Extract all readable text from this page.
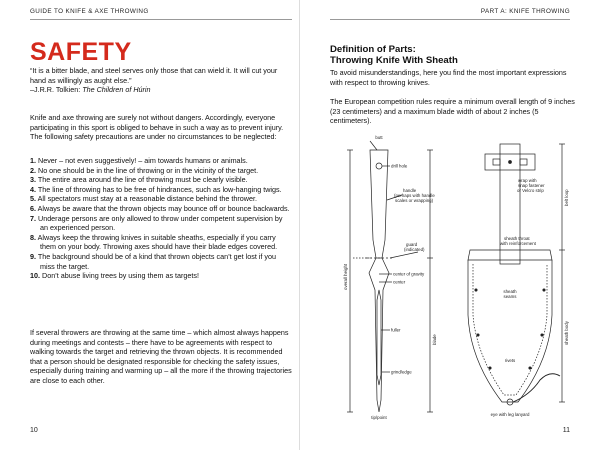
GUIDE TO KNIFE & AXE THROWING
SAFETY
“It is a bitter blade, and steel serves only those that can wield it. It will cut your hand as willingly as aught else.”
–J.R.R. Tolkien: The Children of Húrin

Knife and axe throwing are surely not without dangers. Accordingly, everyone participating in this sport is obliged to behave in such a way as to prevent injury. The following safety precautions are under no circumstances to be neglected:

1. Never – not even suggestively! – aim towards humans or animals.
2. No one should be in the line of throwing or in the vicinity of the target.
3. The entire area around the line of throwing must be clearly visible.
4. The line of throwing has to be free of hindrances, such as low-hanging twigs.
5. All spectators must stay at a reasonable distance behind the thrower.
6. Always be aware that the thrown objects may bounce off or bounce backwards.
7. Underage persons are only allowed to throw under competent supervision by an experienced person.
8. Always keep the throwing knives in suitable sheaths, especially if you carry them on your body. Throwing axes should have their blade edges covered.
9. The background should be of a kind that thrown objects can’t get lost if you miss the target.
10. Don’t abuse living trees by using them as targets!

If several throwers are throwing at the same time – which almost always happens during meetings and contests – there have to be agreements with respect to walking towards the target and retrieving the thrown objects. It is recommended that a person should be designated responsible for checking the safety issues, especially during training and warming up – all the more if the throwing trajectories are close to each other.

10
PART A: KNIFE THROWING
Definition of Parts:
Throwing Knife With Sheath

To avoid misunderstandings, here you find the most important expressions with respect to throwing knives.

The European competition rules require a minimum overall length of 9 inches (23 centimeters) and a maximum blade width of about 2 inches (5 centimeters).

butt
drill hole
handle
(perhaps with handle
scales or wrapping)
guard
(indicated)
center of gravity
center
fuller
grind/edge
tip/point
overall height
blade
wrap with
snap fastener
or Velcro strip	belt loop
sheath throat
with reinforcement
sheath
seams
rivets
sheath body
eye with leg lanyard
11
